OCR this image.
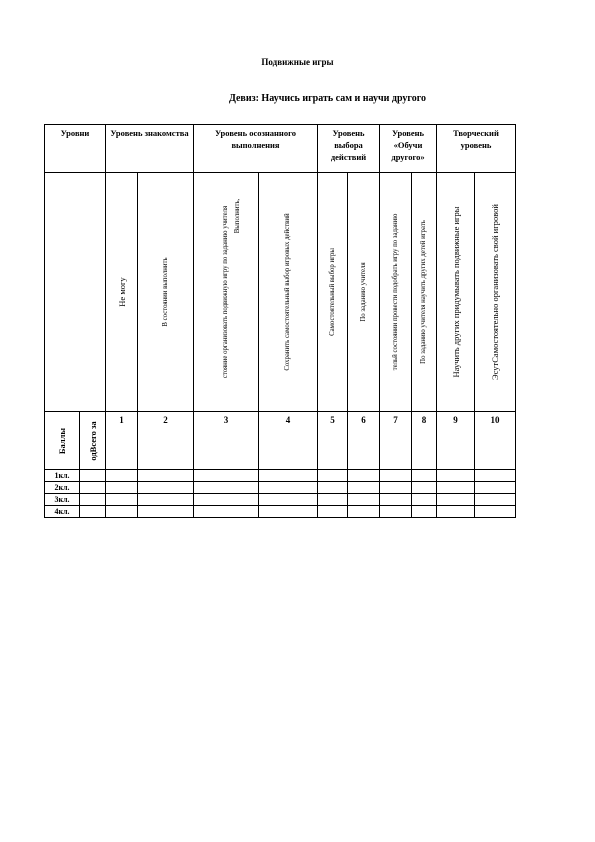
Подвижные игры
Девиз: Научись играть сам и научи другого
Уровни		Уровень знакомства		Уровень осознанного выполнения		Уровень выбора действий		Уровень «Обучи другого»		Творческий уровень	

		Не могу	В состоянии выполнить	стояние организовать подвижную игру по заданию учителя Выполнить,	Сохранить самостоятельный выбор игровых действий	Самостоятельный выбор игры	По заданию учителя	тельй состоянии провести подобрать игру по заданию	По заданию учителя научить других детей играть	Научить других придумывать подвижные игры	ЭсутСамостоятельно организовать свой игровой

Баллы	одВсего за	1	2	3	4	5	6	7	8	9	10
1кл.											
2кл.											
3кл.											
4кл.											
